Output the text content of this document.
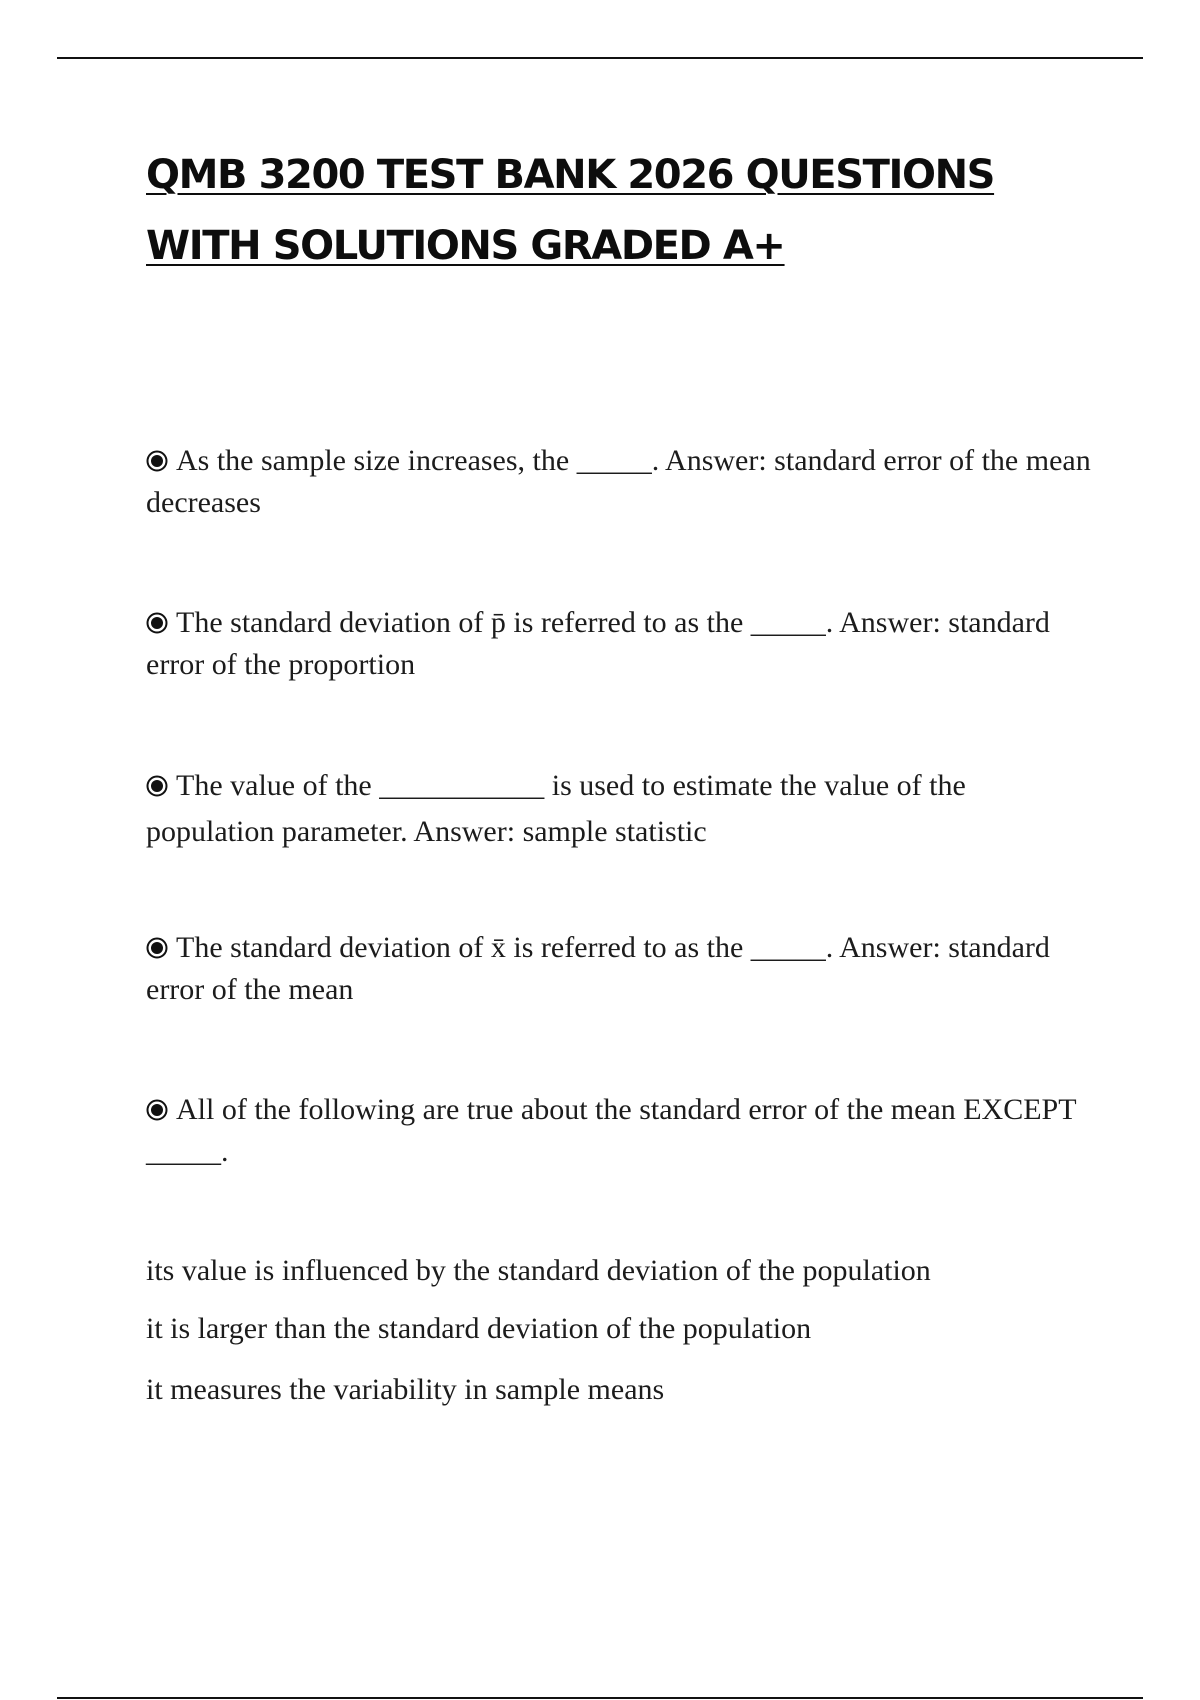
QMB 3200 TEST BANK 2026 QUESTIONS WITH SOLUTIONS GRADED A+
As the sample size increases, the _____. Answer: standard error of the mean decreases
The standard deviation of p̄ is referred to as the _____. Answer: standard error of the proportion
The value of the ___________ is used to estimate the value of the population parameter. Answer: sample statistic
The standard deviation of x̄ is referred to as the _____. Answer: standard error of the mean
All of the following are true about the standard error of the mean EXCEPT _____.
its value is influenced by the standard deviation of the population
it is larger than the standard deviation of the population
it measures the variability in sample means
